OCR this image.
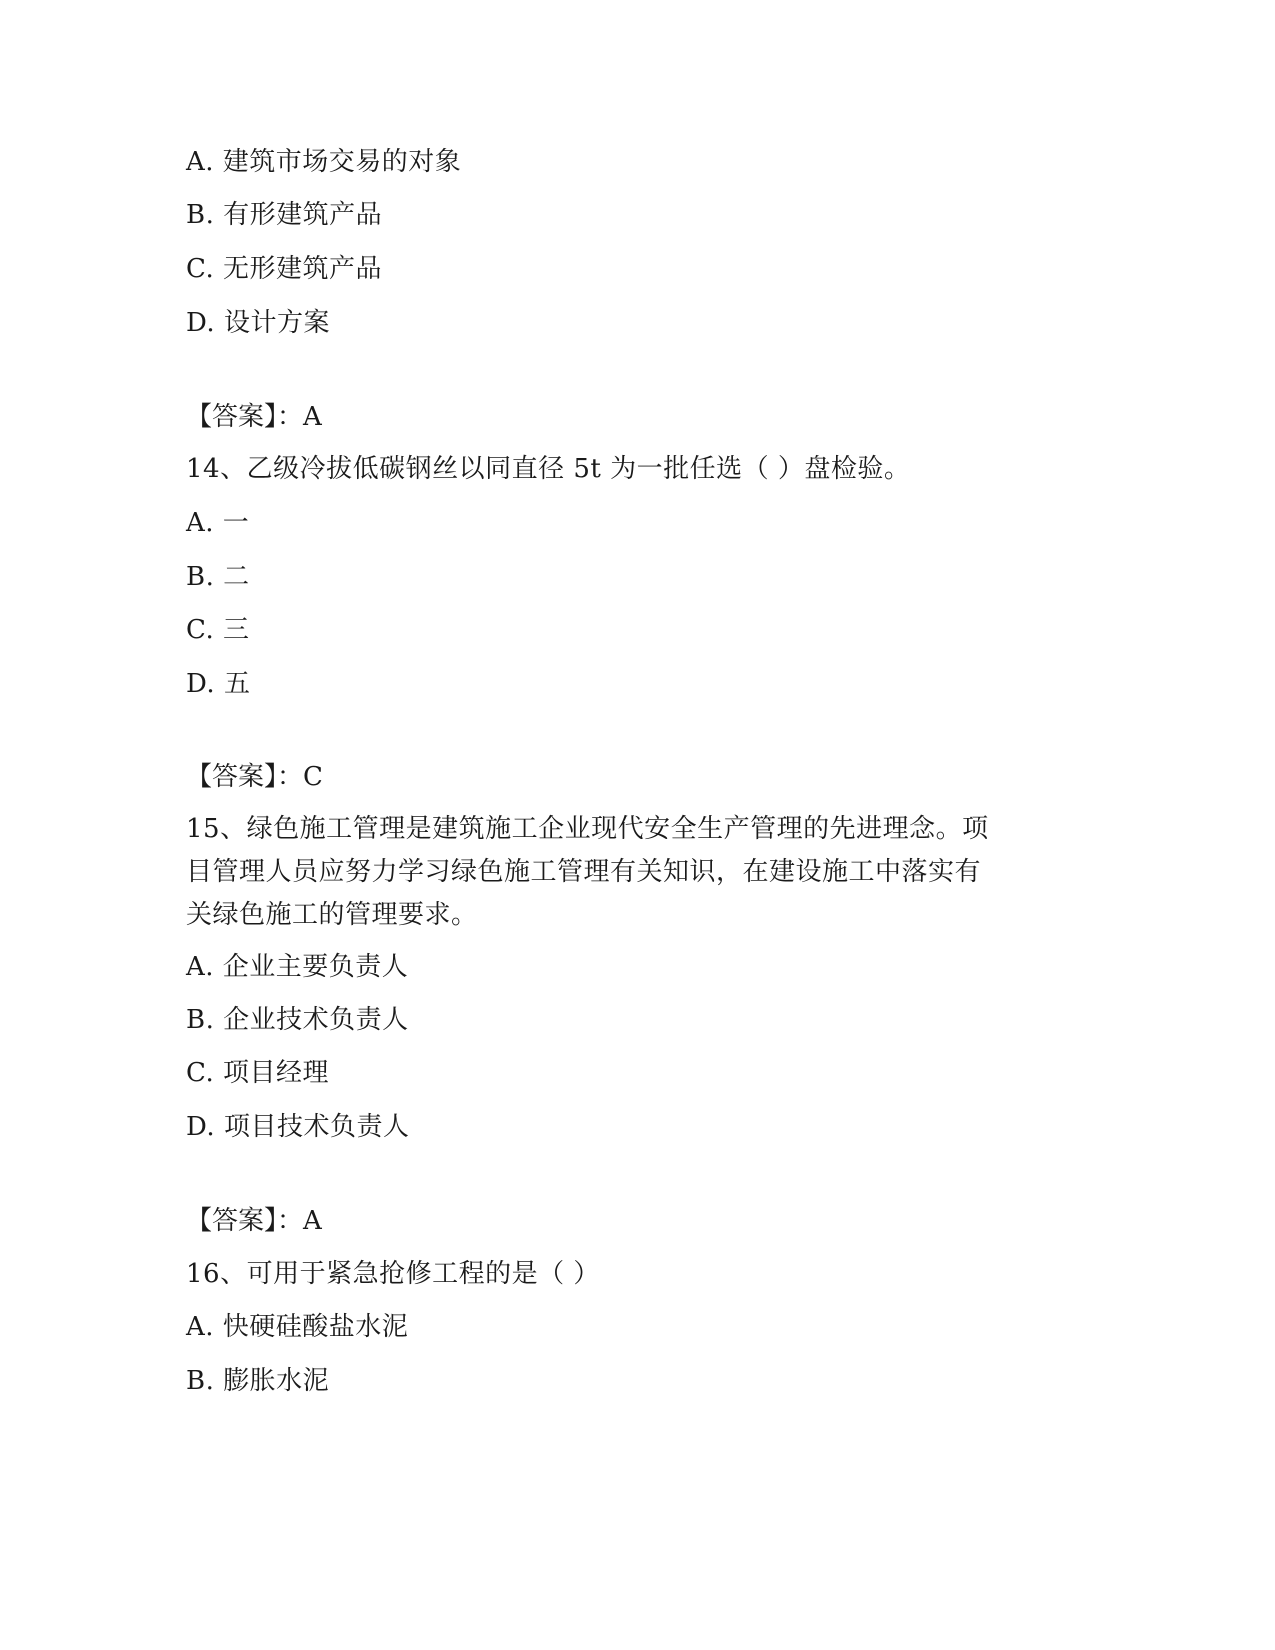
A. 建筑市场交易的对象
B. 有形建筑产品
C. 无形建筑产品
D. 设计方案
【答案】：A
14、乙级冷拔低碳钢丝以同直径 5t 为一批任选（ ）盘检验。
A. 一
B. 二
C. 三
D. 五
【答案】：C
15、绿色施工管理是建筑施工企业现代安全生产管理的先进理念。项
目管理人员应努力学习绿色施工管理有关知识，在建设施工中落实有
关绿色施工的管理要求。
A. 企业主要负责人
B. 企业技术负责人
C. 项目经理
D. 项目技术负责人
【答案】：A
16、可用于紧急抢修工程的是（ ）
A. 快硬硅酸盐水泥
B. 膨胀水泥
